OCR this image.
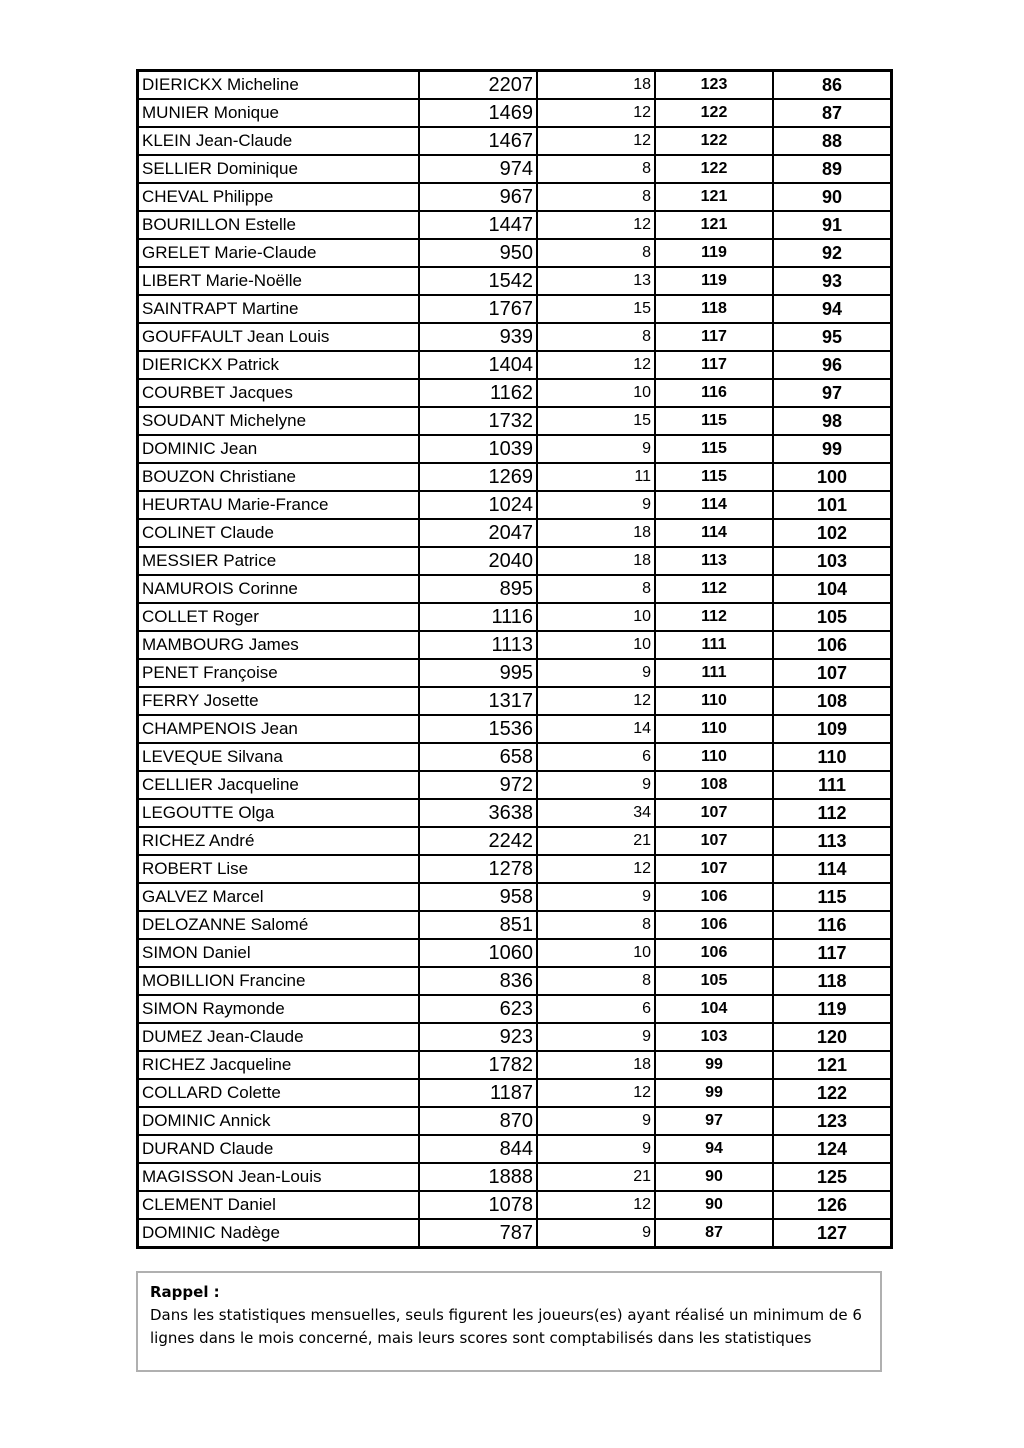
DIERICKX Micheline	2207	18	123	86
MUNIER Monique	1469	12	122	87
KLEIN Jean-Claude	1467	12	122	88
SELLIER Dominique	974	8	122	89
CHEVAL Philippe	967	8	121	90
BOURILLON Estelle	1447	12	121	91
GRELET Marie-Claude	950	8	119	92
LIBERT Marie-Noëlle	1542	13	119	93
SAINTRAPT Martine	1767	15	118	94
GOUFFAULT Jean Louis	939	8	117	95
DIERICKX Patrick	1404	12	117	96
COURBET Jacques	1162	10	116	97
SOUDANT Michelyne	1732	15	115	98
DOMINIC Jean	1039	9	115	99
BOUZON Christiane	1269	11	115	100
HEURTAU Marie-France	1024	9	114	101
COLINET Claude	2047	18	114	102
MESSIER Patrice	2040	18	113	103
NAMUROIS Corinne	895	8	112	104
COLLET Roger	1116	10	112	105
MAMBOURG James	1113	10	111	106
PENET Françoise	995	9	111	107
FERRY Josette	1317	12	110	108
CHAMPENOIS Jean	1536	14	110	109
LEVEQUE Silvana	658	6	110	110
CELLIER Jacqueline	972	9	108	111
LEGOUTTE Olga	3638	34	107	112
RICHEZ André	2242	21	107	113
ROBERT Lise	1278	12	107	114
GALVEZ Marcel	958	9	106	115
DELOZANNE Salomé	851	8	106	116
SIMON Daniel	1060	10	106	117
MOBILLION Francine	836	8	105	118
SIMON Raymonde	623	6	104	119
DUMEZ Jean-Claude	923	9	103	120
RICHEZ Jacqueline	1782	18	99	121
COLLARD Colette	1187	12	99	122
DOMINIC Annick	870	9	97	123
DURAND Claude	844	9	94	124
MAGISSON Jean-Louis	1888	21	90	125
CLEMENT Daniel	1078	12	90	126
DOMINIC Nadège	787	9	87	127
Rappel :
Dans les statistiques mensuelles, seuls figurent les joueurs(es) ayant réalisé un minimum de 6
lignes dans le mois concerné, mais leurs scores sont comptabilisés dans les statistiques
